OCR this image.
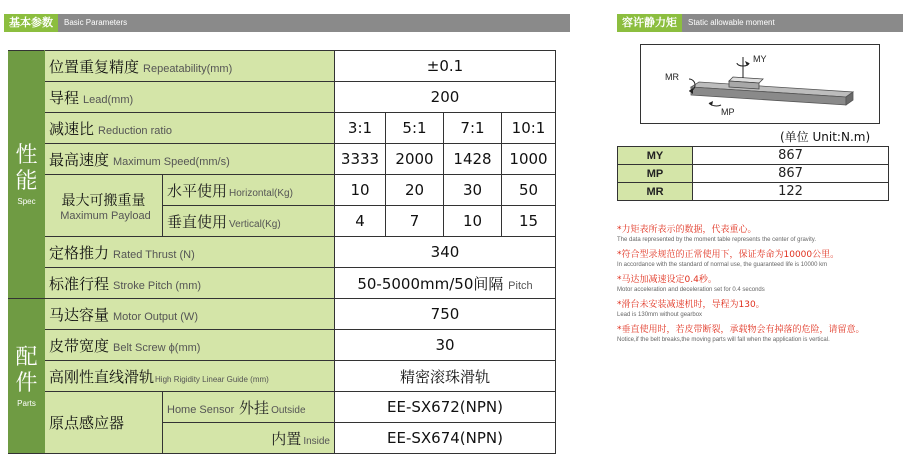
基本参数	Basic Parameters	容许静力矩	Static allowable moment
性
能
Spec	位置重复精度 Repeatability(mm)		±0.1			
	导程 Lead(mm)		200			
	减速比 Reduction ratio		3:1	5:1	7:1	10:1
	最高速度 Maximum Speed(mm/s)		3333	2000	1428	1000

	最大可搬重量
Maximum Payload	水平使用 Horizontal(Kg)	10	20	30	50
		垂直使用 Vertical(Kg)	4	7	10	15
	定格推力 Rated Thrust (N)		340			
	标准行程 Stroke Pitch (mm)		50-5000mm/50间隔 Pitch			

配
件
Parts	马达容量 Motor Output (W)		750			
	皮带宽度 Belt Screw ϕ(mm)		30			
	高刚性直线滑轨High Rigidity Linear Guide (mm)		精密滚珠滑轨			
	原点感应器	Home Sensor 外挂 Outside	EE-SX672(NPN)			
		内置 Inside	EE-SX674(NPN)			
MY
MR
MP
(单位 Unit:N.m)
MY	867
MP	867
MR	122
*力矩表所表示的数据，代表重心。
The data represented by the moment table represents the center of gravity.
*符合型录规范的正常使用下，保证寿命为10000公里。
In accordance with the standard of normal use, the guaranteed life is 10000 km
*马达加减速设定0.4秒。
Motor acceleration and deceleration set for 0.4 seconds
*滑台未安装减速机时，导程为130。
Lead is 130mm without gearbox
*垂直使用时，若皮带断裂，承载物会有掉落的危险，请留意。
Notice,if the belt breaks,the moving parts will fall when the application is vertical.
